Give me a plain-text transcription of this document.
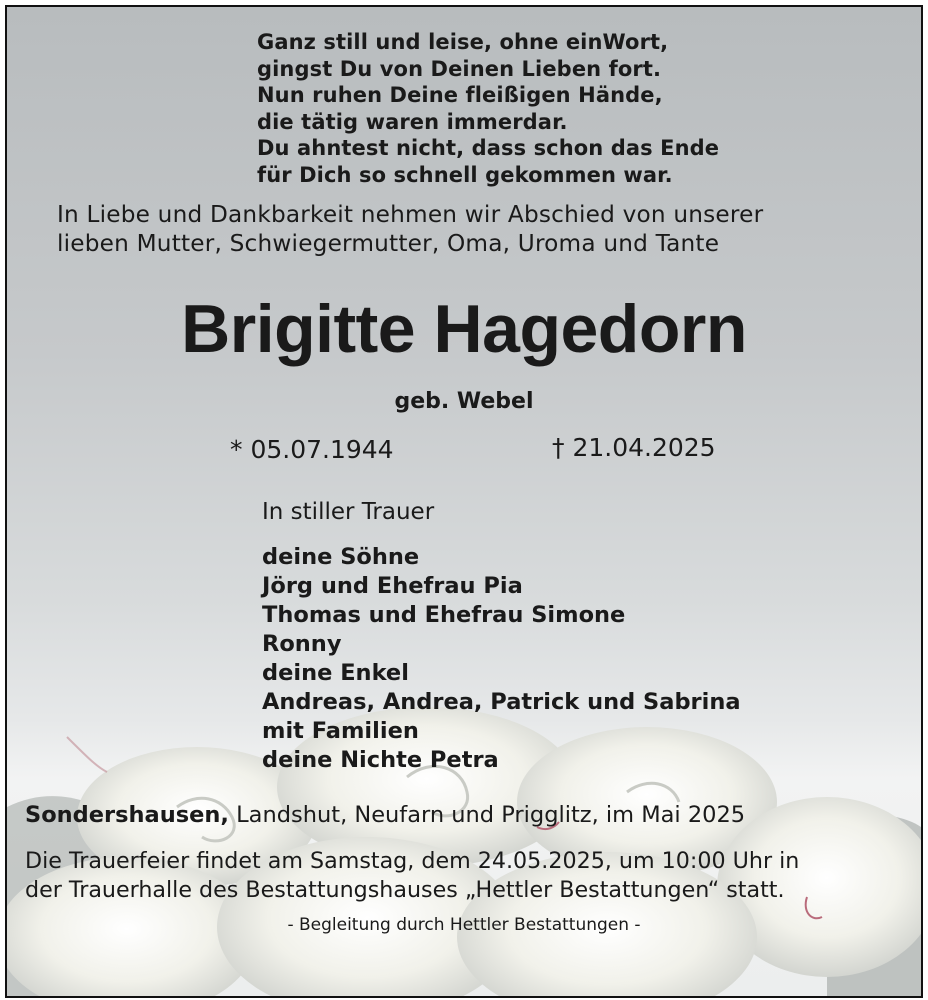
Ganz still und leise, ohne einWort,
gingst Du von Deinen Lieben fort.
Nun ruhen Deine fleißigen Hände,
die tätig waren immerdar.
Du ahntest nicht, dass schon das Ende
für Dich so schnell gekommen war.
In Liebe und Dankbarkeit nehmen wir Abschied von unserer
lieben Mutter, Schwiegermutter, Oma, Uroma und Tante
Brigitte Hagedorn
geb. Webel
* 05.07.1944	† 21.04.2025
In stiller Trauer
deine Söhne
Jörg und Ehefrau Pia
Thomas und Ehefrau Simone
Ronny
deine Enkel
Andreas, Andrea, Patrick und Sabrina
mit Familien
deine Nichte Petra
Sondershausen, Landshut, Neufarn und Prigglitz, im Mai 2025
Die Trauerfeier findet am Samstag, dem 24.05.2025, um 10:00 Uhr in
der Trauerhalle des Bestattungshauses „Hettler Bestattungen“ statt.
- Begleitung durch Hettler Bestattungen -
